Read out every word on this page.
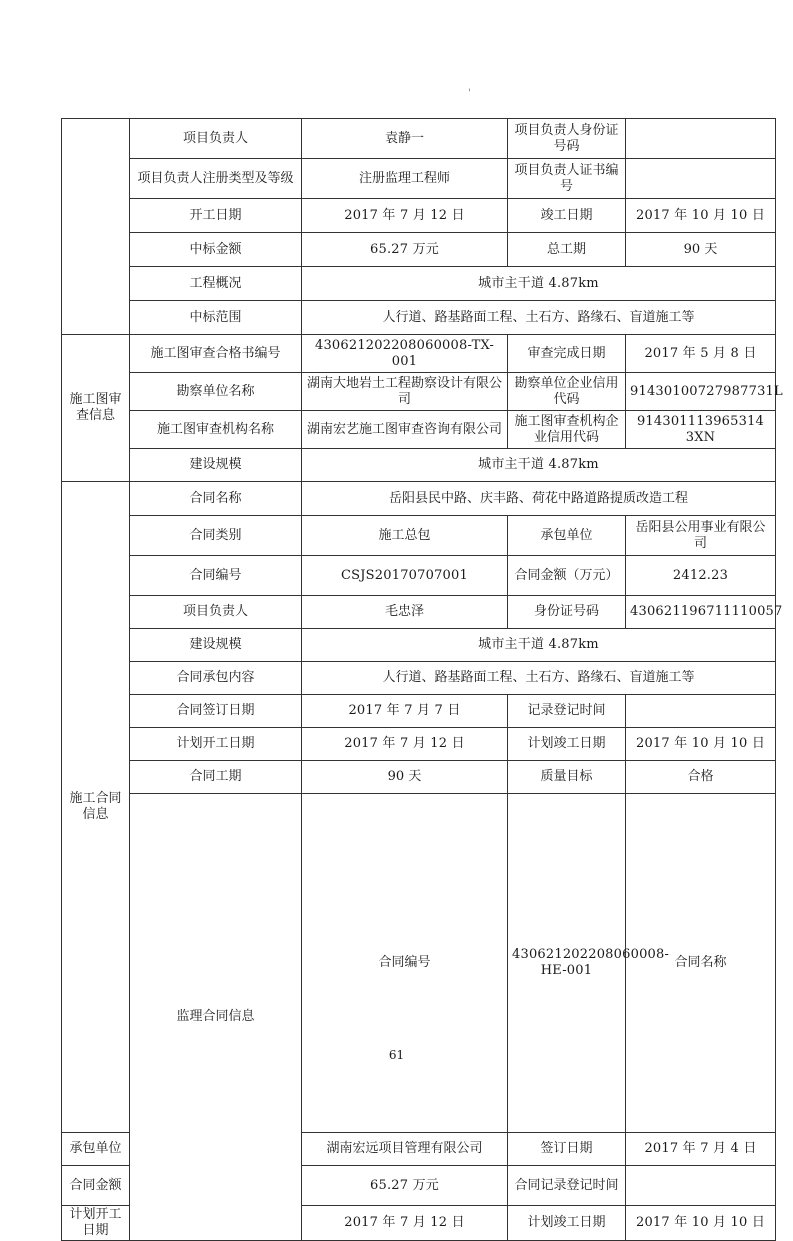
'
	项目负责人	袁静一	项目负责人身份证号码		
	项目负责人注册类型及等级	注册监理工程师	项目负责人证书编号		
	开工日期	2017 年 7 月 12 日	竣工日期	2017 年 10 月 10 日	
	中标金额	65.27 万元	总工期	90 天	
	工程概况	城市主干道 4.87km			
	中标范围	人行道、路基路面工程、土石方、路缘石、盲道施工等			
施工图审查信息	施工图审查合格书编号	430621202208060008-TX-001	审查完成日期	2017 年 5 月 8 日	
	勘察单位名称	湖南大地岩土工程勘察设计有限公司	勘察单位企业信用代码	91430100727987731L	
	施工图审查机构名称	湖南宏艺施工图审查咨询有限公司	施工图审查机构企业信用代码	914301113965314 3XN	
	建设规模	城市主干道 4.87km			
施工合同信息	合同名称	岳阳县民中路、庆丰路、荷花中路道路提质改造工程			
	合同类别	施工总包	承包单位	岳阳县公用事业有限公司	
	合同编号	CSJS20170707001	合同金额（万元）	2412.23	
	项目负责人	毛忠泽	身份证号码	430621196711110057	
	建设规模	城市主干道 4.87km			
	合同承包内容	人行道、路基路面工程、土石方、路缘石、盲道施工等			
	合同签订日期	2017 年 7 月 7 日	记录登记时间		
	计划开工日期	2017 年 7 月 12 日	计划竣工日期	2017 年 10 月 10 日	
	合同工期	90 天	质量目标	合格	
	监理合同信息	合同编号	430621202208060008-HE-001	合同名称	
承包单位		湖南宏远项目管理有限公司	签订日期	2017 年 7 月 4 日	
合同金额		65.27 万元	合同记录登记时间		
计划开工日期		2017 年 7 月 12 日	计划竣工日期	2017 年 10 月 10 日	
61
